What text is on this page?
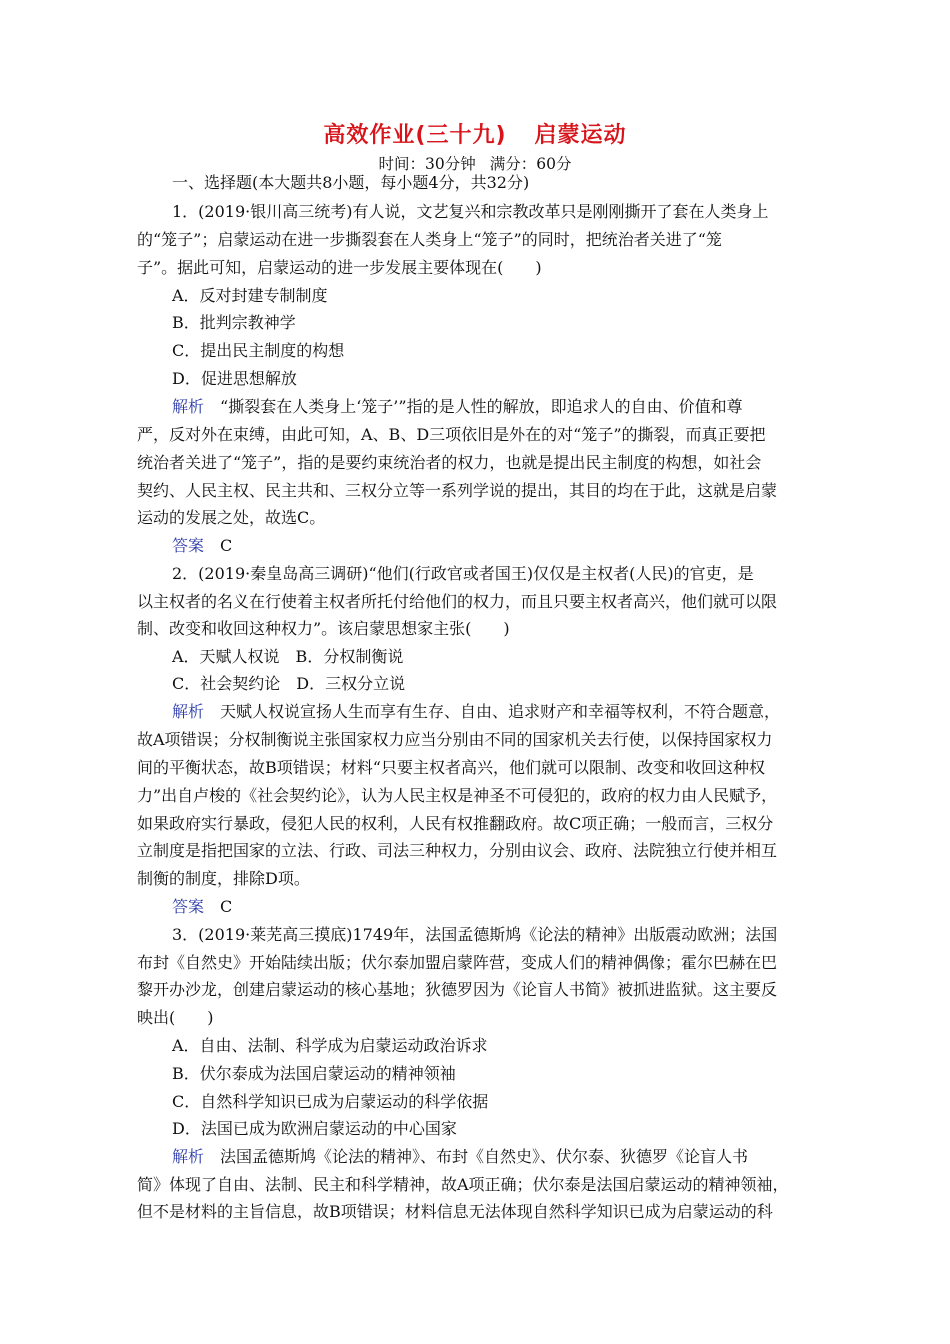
高效作业(三十九) 启蒙运动
时间：30分钟 满分：60分
一、选择题(本大题共8小题，每小题4分，共32分)
1．(2019·银川高三统考)有人说，文艺复兴和宗教改革只是刚刚撕开了套在人类身上
的“笼子”；启蒙运动在进一步撕裂套在人类身上“笼子”的同时，把统治者关进了“笼
子”。据此可知，启蒙运动的进一步发展主要体现在(　　)
A．反对封建专制制度
B．批判宗教神学
C．提出民主制度的构想
D．促进思想解放
解析　 “撕裂套在人类身上‘笼子’”指的是人性的解放，即追求人的自由、价值和尊
严，反对外在束缚，由此可知，A、B、D三项依旧是外在的对“笼子”的撕裂，而真正要把
统治者关进了“笼子”，指的是要约束统治者的权力，也就是提出民主制度的构想，如社会
契约、人民主权、民主共和、三权分立等一系列学说的提出，其目的均在于此，这就是启蒙
运动的发展之处，故选C。
答案　 C
2．(2019·秦皇岛高三调研)“他们(行政官或者国王)仅仅是主权者(人民)的官吏，是
以主权者的名义在行使着主权者所托付给他们的权力，而且只要主权者高兴，他们就可以限
制、改变和收回这种权力”。该启蒙思想家主张(　　)
A．天赋人权说　B．分权制衡说
C．社会契约论　D．三权分立说
解析　 天赋人权说宣扬人生而享有生存、自由、追求财产和幸福等权利，不符合题意，
故A项错误；分权制衡说主张国家权力应当分别由不同的国家机关去行使，以保持国家权力
间的平衡状态，故B项错误；材料“只要主权者高兴，他们就可以限制、改变和收回这种权
力”出自卢梭的《社会契约论》，认为人民主权是神圣不可侵犯的，政府的权力由人民赋予，
如果政府实行暴政，侵犯人民的权利，人民有权推翻政府。故C项正确；一般而言，三权分
立制度是指把国家的立法、行政、司法三种权力，分别由议会、政府、法院独立行使并相互
制衡的制度，排除D项。
答案　 C
3．(2019·莱芜高三摸底)1749年，法国孟德斯鸠《论法的精神》出版震动欧洲；法国
布封《自然史》开始陆续出版；伏尔泰加盟启蒙阵营，变成人们的精神偶像；霍尔巴赫在巴
黎开办沙龙，创建启蒙运动的核心基地；狄德罗因为《论盲人书简》被抓进监狱。这主要反
映出(　　)
A．自由、法制、科学成为启蒙运动政治诉求
B．伏尔泰成为法国启蒙运动的精神领袖
C．自然科学知识已成为启蒙运动的科学依据
D．法国已成为欧洲启蒙运动的中心国家
解析　 法国孟德斯鸠《论法的精神》、布封《自然史》、伏尔泰、狄德罗《论盲人书
简》体现了自由、法制、民主和科学精神，故A项正确；伏尔泰是法国启蒙运动的精神领袖，
但不是材料的主旨信息，故B项错误；材料信息无法体现自然科学知识已成为启蒙运动的科
